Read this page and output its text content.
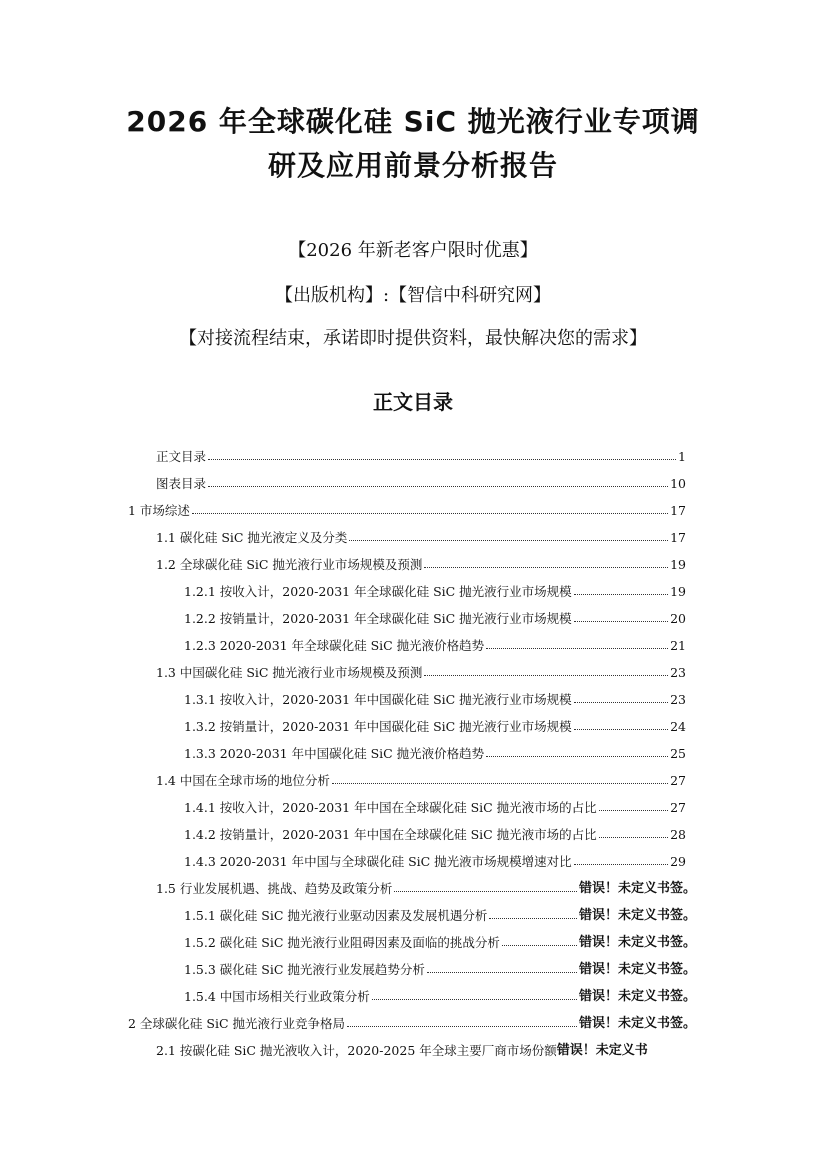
2026 年全球碳化硅 SiC 抛光液行业专项调
研及应用前景分析报告
【2026 年新老客户限时优惠】
【出版机构】:【智信中科研究网】
【对接流程结束，承诺即时提供资料，最快解决您的需求】
正文目录
正文目录	1
图表目录	10
1 市场综述	17
1.1 碳化硅 SiC 抛光液定义及分类	17
1.2 全球碳化硅 SiC 抛光液行业市场规模及预测	19
1.2.1 按收入计，2020-2031 年全球碳化硅 SiC 抛光液行业市场规模	19
1.2.2 按销量计，2020-2031 年全球碳化硅 SiC 抛光液行业市场规模	20
1.2.3 2020-2031 年全球碳化硅 SiC 抛光液价格趋势	21
1.3 中国碳化硅 SiC 抛光液行业市场规模及预测	23
1.3.1 按收入计，2020-2031 年中国碳化硅 SiC 抛光液行业市场规模	23
1.3.2 按销量计，2020-2031 年中国碳化硅 SiC 抛光液行业市场规模	24
1.3.3 2020-2031 年中国碳化硅 SiC 抛光液价格趋势	25
1.4 中国在全球市场的地位分析	27
1.4.1 按收入计，2020-2031 年中国在全球碳化硅 SiC 抛光液市场的占比	27
1.4.2 按销量计，2020-2031 年中国在全球碳化硅 SiC 抛光液市场的占比	28
1.4.3 2020-2031 年中国与全球碳化硅 SiC 抛光液市场规模增速对比	29
1.5 行业发展机遇、挑战、趋势及政策分析	错误！未定义书签。
1.5.1 碳化硅 SiC 抛光液行业驱动因素及发展机遇分析	错误！未定义书签。
1.5.2 碳化硅 SiC 抛光液行业阻碍因素及面临的挑战分析	错误！未定义书签。
1.5.3 碳化硅 SiC 抛光液行业发展趋势分析	错误！未定义书签。
1.5.4 中国市场相关行业政策分析	错误！未定义书签。
2 全球碳化硅 SiC 抛光液行业竞争格局	错误！未定义书签。
2.1 按碳化硅 SiC 抛光液收入计，2020-2025 年全球主要厂商市场份额 错误！未定义书
